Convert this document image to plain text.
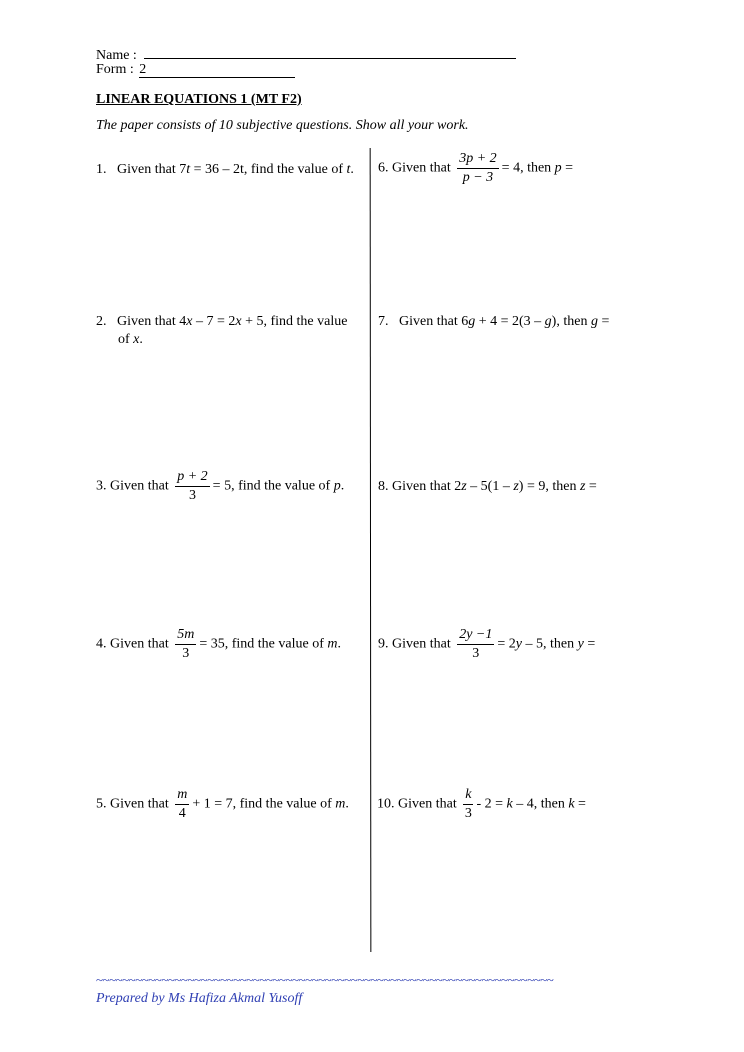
Name :
Form : 2
LINEAR EQUATIONS 1 (MT F2)
The paper consists of 10 subjective questions. Show all your work.
1. Given that 7t = 36 – 2t, find the value of t.
2. Given that 4x – 7 = 2x + 5, find the value
of x.
3. Given that $\frac{p + 2}{3} = 5$, find the value of p.
4. Given that $\frac{5m}{3} = 35$, find the value of m.
5. Given that $\frac{m}{4} + 1 = 7$, find the value of m.
6. Given that $\frac{3p + 2}{p - 3} = 4$, then p =
7. Given that 6g + 4 = 2(3 – g), then g =
8. Given that 2z – 5(1 – z) = 9, then z =
9. Given that $\frac{2y -1}{3} = 2y - 5$, then y =
10. Given that $\frac{k}{3} - 2 = k - 4$, then k =
~~~~~~~~~~~~~~~~~~~~~~~~~~~~~~~~~~~~~~~~~~~~~~~~~~~~~~~~~~~~~~~~~~~~~~
Prepared by Ms Hafiza Akmal Yusoff
